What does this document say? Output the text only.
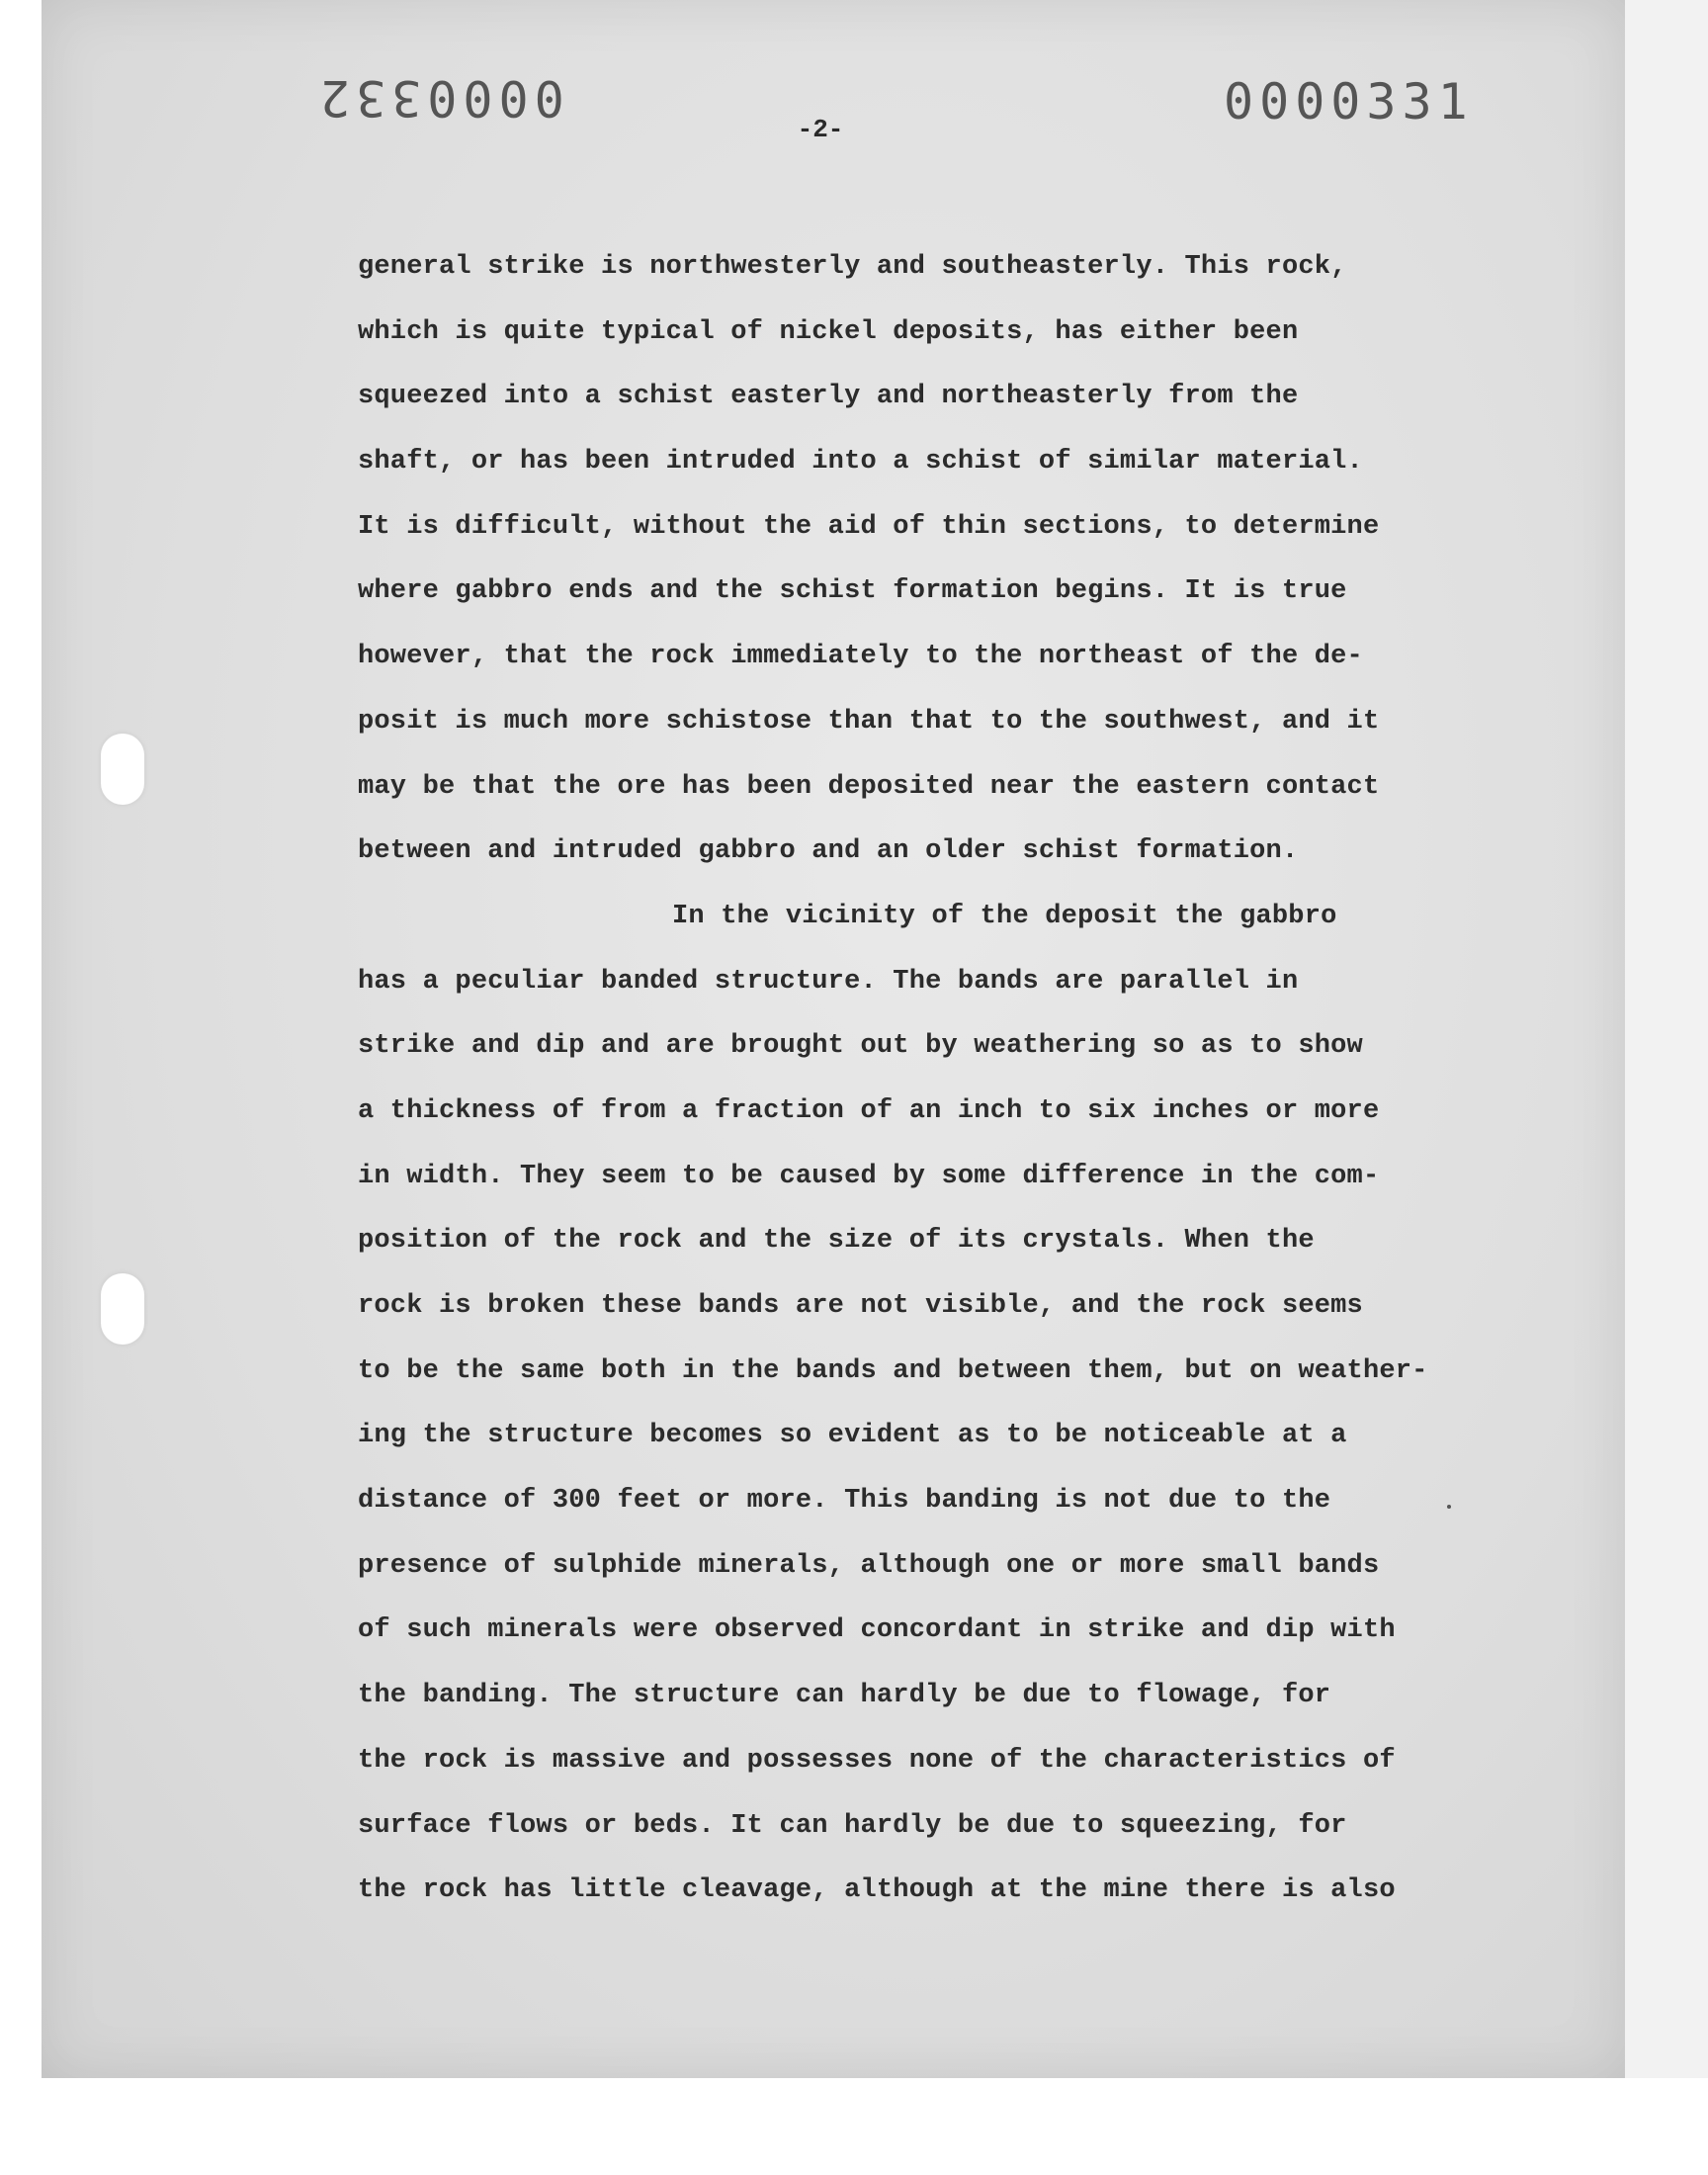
0000332	0000331
-2-
general strike is northwesterly and southeasterly. This rock,
which is quite typical of nickel deposits, has either been
squeezed into a schist easterly and northeasterly from the
shaft, or has been intruded into a schist of similar material.
It is difficult, without the aid of thin sections, to determine
where gabbro ends and the schist formation begins. It is true
however, that the rock immediately to the northeast of the de-
posit is much more schistose than that to the southwest, and it
may be that the ore has been deposited near the eastern contact
between and intruded gabbro and an older schist formation.
In the vicinity of the deposit the gabbro
has a peculiar banded structure. The bands are parallel in
strike and dip and are brought out by weathering so as to show
a thickness of from a fraction of an inch to six inches or more
in width. They seem to be caused by some difference in the com-
position of the rock and the size of its crystals. When the
rock is broken these bands are not visible, and the rock seems
to be the same both in the bands and between them, but on weather-
ing the structure becomes so evident as to be noticeable at a
distance of 300 feet or more. This banding is not due to the
presence of sulphide minerals, although one or more small bands
of such minerals were observed concordant in strike and dip with
the banding. The structure can hardly be due to flowage, for
the rock is massive and possesses none of the characteristics of
surface flows or beds. It can hardly be due to squeezing, for
the rock has little cleavage, although at the mine there is also
